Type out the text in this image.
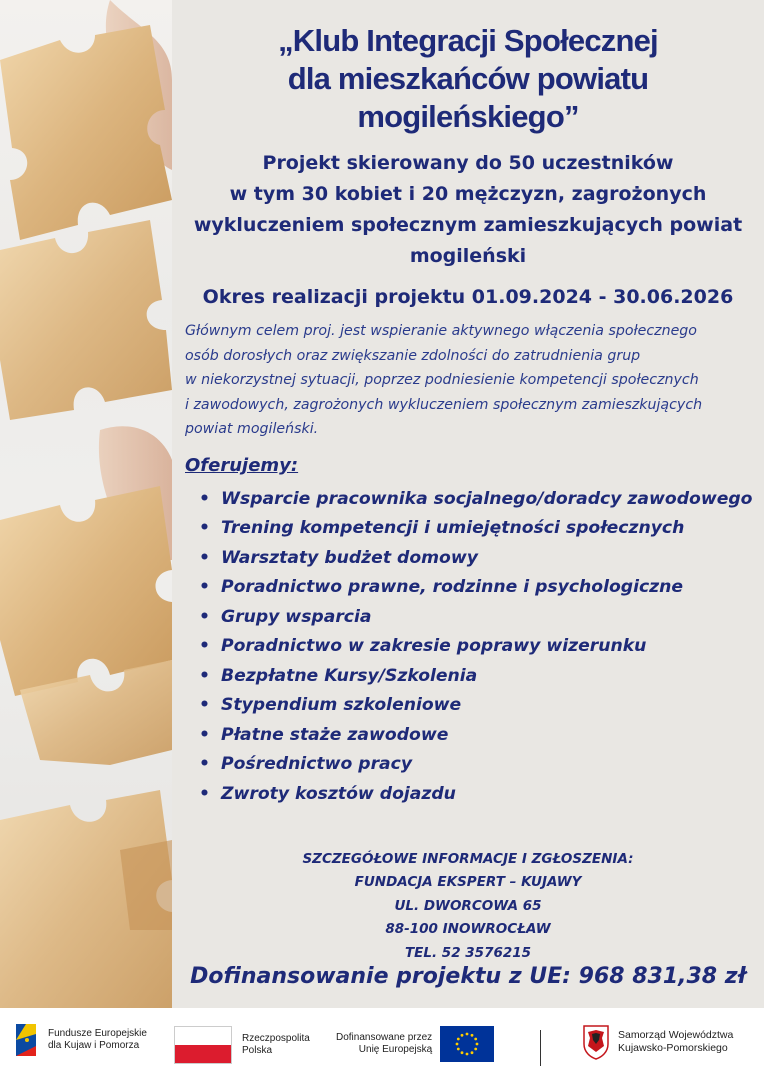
„Klub Integracji Społecznej
dla mieszkańców powiatu
mogileńskiego”
Projekt skierowany do 50 uczestników
w tym 30 kobiet i 20 mężczyzn, zagrożonych
wykluczeniem społecznym zamieszkujących powiat
mogileński
Okres realizacji projektu 01.09.2024 - 30.06.2026
Głównym celem proj. jest wspieranie aktywnego włączenia społecznego
osób dorosłych oraz zwiększanie zdolności do zatrudnienia grup
w niekorzystnej sytuacji, poprzez podniesienie kompetencji społecznych
i zawodowych, zagrożonych wykluczeniem społecznym zamieszkujących
powiat mogileński.
Oferujemy:
• Wsparcie pracownika socjalnego/doradcy zawodowego
• Trening kompetencji i umiejętności społecznych
• Warsztaty budżet domowy
• Poradnictwo prawne, rodzinne i psychologiczne
• Grupy wsparcia
• Poradnictwo w zakresie poprawy wizerunku
• Bezpłatne Kursy/Szkolenia
• Stypendium szkoleniowe
• Płatne staże zawodowe
• Pośrednictwo pracy
• Zwroty kosztów dojazdu
SZCZEGÓŁOWE INFORMACJE I ZGŁOSZENIA:
FUNDACJA EKSPERT – KUJAWY
UL. DWORCOWA 65
88-100 INOWROCŁAW
TEL. 52 3576215
Dofinansowanie projektu z UE: 968 831,38 zł
Fundusze Europejskie
dla Kujaw i Pomorza
Rzeczpospolita
Polska
Dofinansowane przez
Unię Europejską
Samorząd Województwa
Kujawsko-Pomorskiego
